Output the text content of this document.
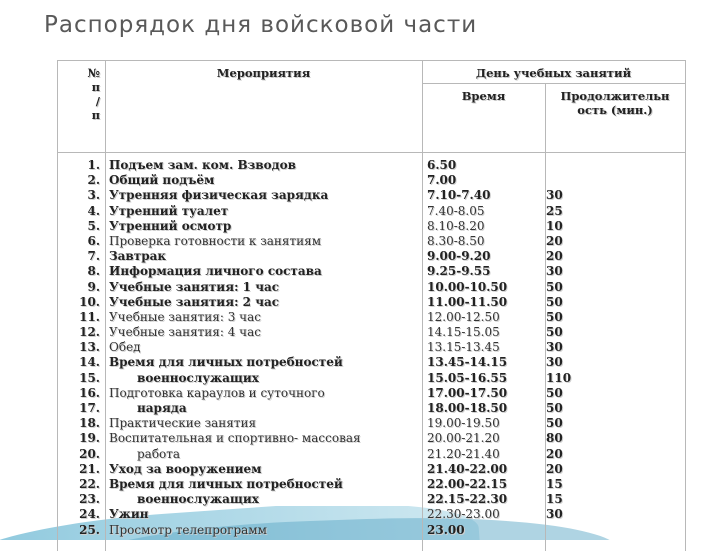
Распорядок дня войсковой части
№
п
/
п
Мероприятия	День учебных занятий
Время	Продолжительн
ость (мин.)
1.
2.
3.
4.
5.
6.
7.
8.
9.
10.
11.
12.
13.
14.
15.
16.
17.
18.
19.
20.
21.
22.
23.
24.
25.
Подъем зам. ком. Взводов
Общий подъём
Утренняя физическая зарядка
Утренний туалет
Утренний осмотр
Проверка готовности к занятиям
Завтрак
Информация личного состава
Учебные занятия: 1 час
Учебные занятия: 2 час
Учебные занятия: 3 час
Учебные занятия: 4 час
Обед
Время для личных потребностей
военнослужащих
Подготовка караулов и суточного
наряда
Практические занятия
Воспитательная и спортивно- массовая
работа
Уход за вооружением
Время для личных потребностей
военнослужащих
Ужин
Просмотр телепрограмм
6.50
7.00
7.10-7.40
7.40-8.05
8.10-8.20
8.30-8.50
9.00-9.20
9.25-9.55
10.00-10.50
11.00-11.50
12.00-12.50
14.15-15.05
13.15-13.45
13.45-14.15
15.05-16.55
17.00-17.50
18.00-18.50
19.00-19.50
20.00-21.20
21.20-21.40
21.40-22.00
22.00-22.15
22.15-22.30
22.30-23.00
23.00
30
25
10
20
20
30
50
50
50
50
30
30
110
50
50
50
80
20
20
15
15
30
